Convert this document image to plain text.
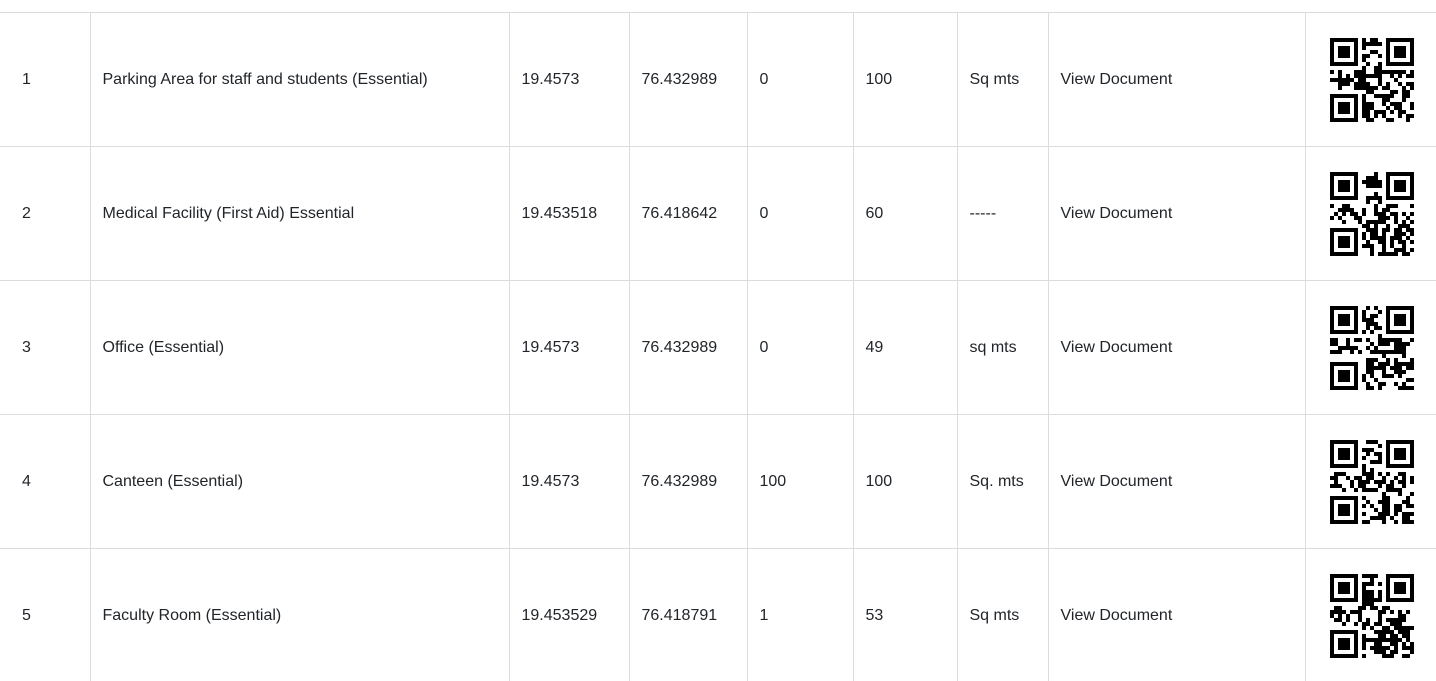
1	Parking Area for staff and students (Essential)	19.4573	76.432989	0	100	Sq mts	View Document	

2	Medical Facility (First Aid) Essential	19.453518	76.418642	0	60	-----	View Document	

3	Office (Essential)	19.4573	76.432989	0	49	sq mts	View Document	

4	Canteen (Essential)	19.4573	76.432989	100	100	Sq. mts	View Document	

5	Faculty Room (Essential)	19.453529	76.418791	1	53	Sq mts	View Document	
